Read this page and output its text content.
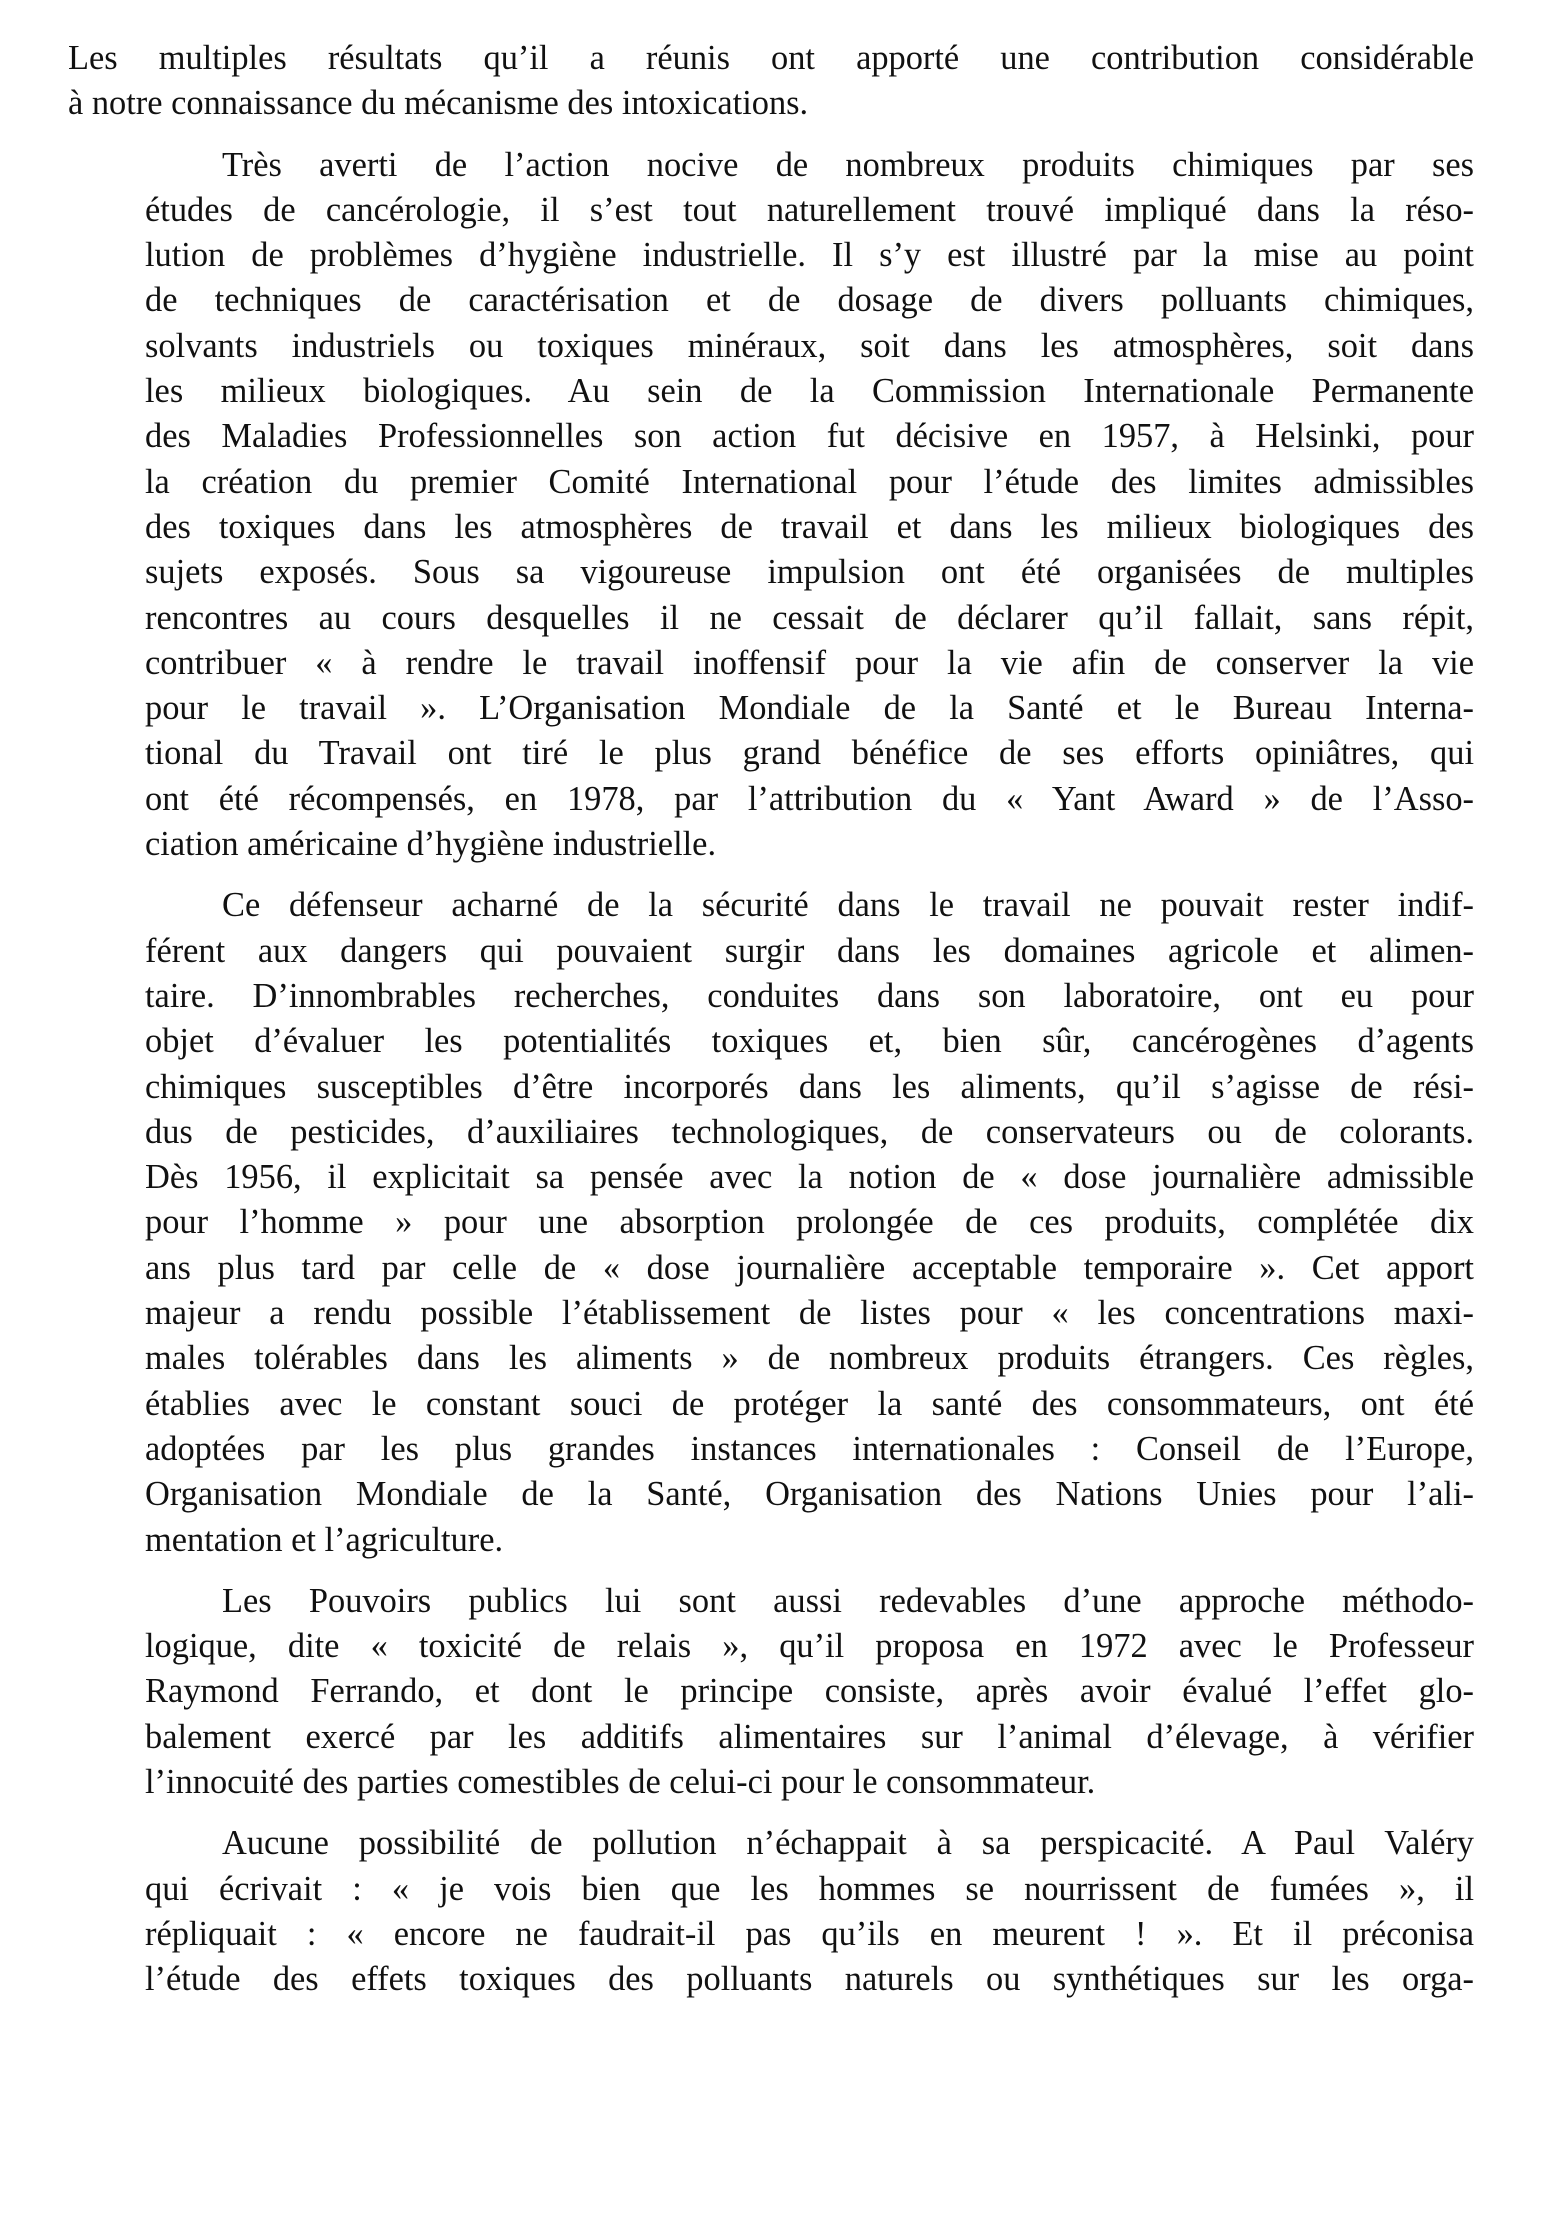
Les multiples résultats qu’il a réunis ont apporté une contribution considérable
à notre connaissance du mécanisme des intoxications.
Très averti de l’action nocive de nombreux produits chimiques par ses
études de cancérologie, il s’est tout naturellement trouvé impliqué dans la réso-
lution de problèmes d’hygiène industrielle. Il s’y est illustré par la mise au point
de techniques de caractérisation et de dosage de divers polluants chimiques,
solvants industriels ou toxiques minéraux, soit dans les atmosphères, soit dans
les milieux biologiques. Au sein de la Commission Internationale Permanente
des Maladies Professionnelles son action fut décisive en 1957, à Helsinki, pour
la création du premier Comité International pour l’étude des limites admissibles
des toxiques dans les atmosphères de travail et dans les milieux biologiques des
sujets exposés. Sous sa vigoureuse impulsion ont été organisées de multiples
rencontres au cours desquelles il ne cessait de déclarer qu’il fallait, sans répit,
contribuer « à rendre le travail inoffensif pour la vie afin de conserver la vie
pour le travail ». L’Organisation Mondiale de la Santé et le Bureau Interna-
tional du Travail ont tiré le plus grand bénéfice de ses efforts opiniâtres, qui
ont été récompensés, en 1978, par l’attribution du « Yant Award » de l’Asso-
ciation américaine d’hygiène industrielle.
Ce défenseur acharné de la sécurité dans le travail ne pouvait rester indif-
férent aux dangers qui pouvaient surgir dans les domaines agricole et alimen-
taire. D’innombrables recherches, conduites dans son laboratoire, ont eu pour
objet d’évaluer les potentialités toxiques et, bien sûr, cancérogènes d’agents
chimiques susceptibles d’être incorporés dans les aliments, qu’il s’agisse de rési-
dus de pesticides, d’auxiliaires technologiques, de conservateurs ou de colorants.
Dès 1956, il explicitait sa pensée avec la notion de « dose journalière admissible
pour l’homme » pour une absorption prolongée de ces produits, complétée dix
ans plus tard par celle de « dose journalière acceptable temporaire ». Cet apport
majeur a rendu possible l’établissement de listes pour « les concentrations maxi-
males tolérables dans les aliments » de nombreux produits étrangers. Ces règles,
établies avec le constant souci de protéger la santé des consommateurs, ont été
adoptées par les plus grandes instances internationales : Conseil de l’Europe,
Organisation Mondiale de la Santé, Organisation des Nations Unies pour l’ali-
mentation et l’agriculture.
Les Pouvoirs publics lui sont aussi redevables d’une approche méthodo-
logique, dite « toxicité de relais », qu’il proposa en 1972 avec le Professeur
Raymond Ferrando, et dont le principe consiste, après avoir évalué l’effet glo-
balement exercé par les additifs alimentaires sur l’animal d’élevage, à vérifier
l’innocuité des parties comestibles de celui-ci pour le consommateur.
Aucune possibilité de pollution n’échappait à sa perspicacité. A Paul Valéry
qui écrivait : « je vois bien que les hommes se nourrissent de fumées », il
répliquait : « encore ne faudrait-il pas qu’ils en meurent ! ». Et il préconisa
l’étude des effets toxiques des polluants naturels ou synthétiques sur les orga-
